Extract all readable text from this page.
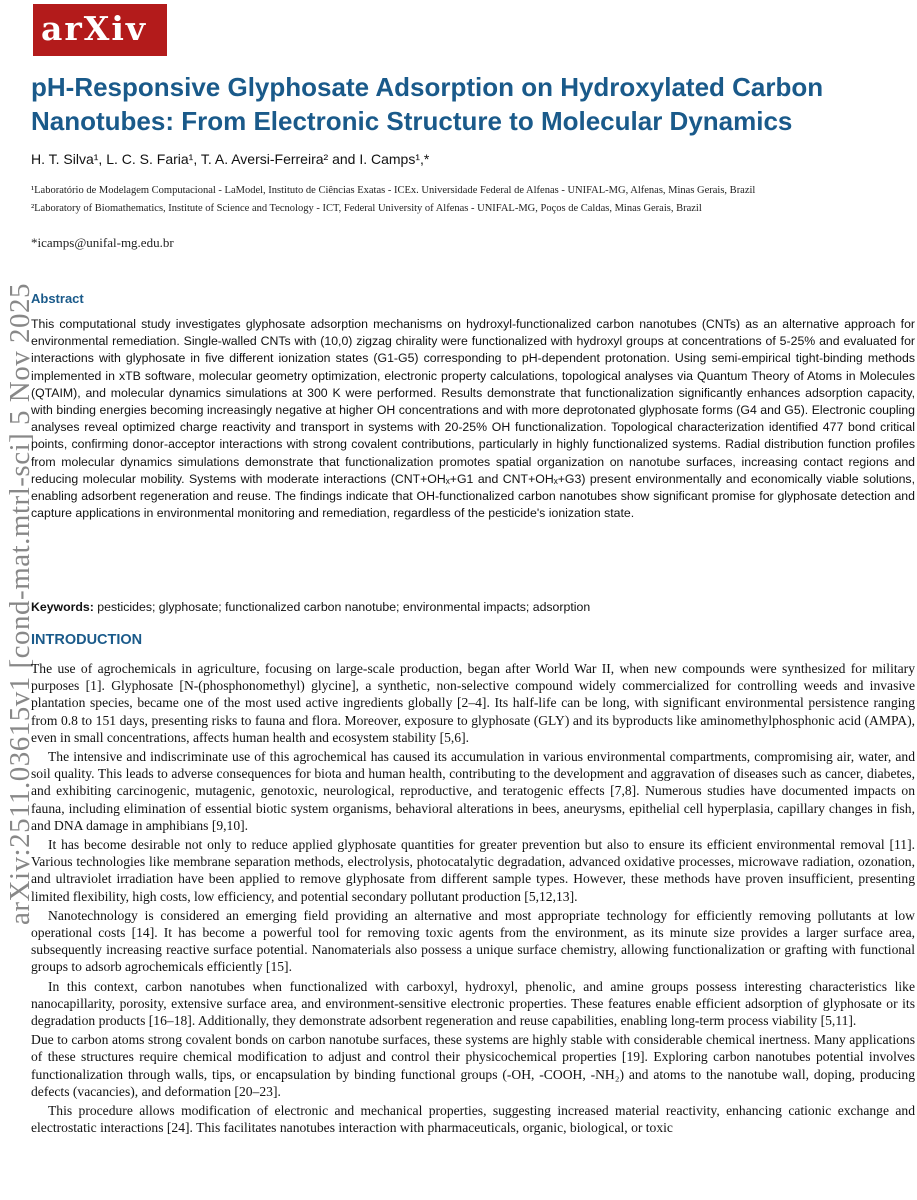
arXiv
arXiv:2511.03615v1 [cond-mat.mtrl-sci] 5 Nov 2025
pH-Responsive Glyphosate Adsorption on Hydroxylated Carbon Nanotubes: From Electronic Structure to Molecular Dynamics
H. T. Silva¹, L. C. S. Faria¹, T. A. Aversi-Ferreira² and I. Camps¹,*
¹Laboratório de Modelagem Computacional - LaModel, Instituto de Ciências Exatas - ICEx. Universidade Federal de Alfenas - UNIFAL-MG, Alfenas, Minas Gerais, Brazil
²Laboratory of Biomathematics, Institute of Science and Tecnology - ICT, Federal University of Alfenas - UNIFAL-MG, Poços de Caldas, Minas Gerais, Brazil
*icamps@unifal-mg.edu.br
Abstract

This computational study investigates glyphosate adsorption mechanisms on hydroxyl-functionalized carbon nanotubes (CNTs) as an alternative approach for environmental remediation. Single-walled CNTs with (10,0) zigzag chirality were functionalized with hydroxyl groups at concentrations of 5-25% and evaluated for interactions with glyphosate in five different ionization states (G1-G5) corresponding to pH-dependent protonation. Using semi-empirical tight-binding methods implemented in xTB software, molecular geometry optimization, electronic property calculations, topological analyses via Quantum Theory of Atoms in Molecules (QTAIM), and molecular dynamics simulations at 300 K were performed. Results demonstrate that functionalization significantly enhances adsorption capacity, with binding energies becoming increasingly negative at higher OH concentrations and with more deprotonated glyphosate forms (G4 and G5). Electronic coupling analyses reveal optimized charge reactivity and transport in systems with 20-25% OH functionalization. Topological characterization identified 477 bond critical points, confirming donor-acceptor interactions with strong covalent contributions, particularly in highly functionalized systems. Radial distribution function profiles from molecular dynamics simulations demonstrate that functionalization promotes spatial organization on nanotube surfaces, increasing contact regions and reducing molecular mobility. Systems with moderate interactions (CNT+OHₓ+G1 and CNT+OHₓ+G3) present environmentally and economically viable solutions, enabling adsorbent regeneration and reuse. The findings indicate that OH-functionalized carbon nanotubes show significant promise for glyphosate detection and capture applications in environmental monitoring and remediation, regardless of the pesticide's ionization state.

Keywords: pesticides; glyphosate; functionalized carbon nanotube; environmental impacts; adsorption
INTRODUCTION

The use of agrochemicals in agriculture, focusing on large-scale production, began after World War II, when new compounds were synthesized for military purposes [1]. Glyphosate [N-(phosphonomethyl) glycine], a synthetic, non-selective compound widely commercialized for controlling weeds and invasive plantation species, became one of the most used active ingredients globally [2–4]. Its half-life can be long, with significant environmental persistence ranging from 0.8 to 151 days, presenting risks to fauna and flora. Moreover, exposure to glyphosate (GLY) and its byproducts like aminomethylphosphonic acid (AMPA), even in small concentrations, affects human health and ecosystem stability [5,6].

The intensive and indiscriminate use of this agrochemical has caused its accumulation in various environmental compartments, compromising air, water, and soil quality. This leads to adverse consequences for biota and human health, contributing to the development and aggravation of diseases such as cancer, diabetes, and exhibiting carcinogenic, mutagenic, genotoxic, neurological, reproductive, and teratogenic effects [7,8]. Numerous studies have documented impacts on fauna, including elimination of essential biotic system organisms, behavioral alterations in bees, aneurysms, epithelial cell hyperplasia, capillary changes in fish, and DNA damage in amphibians [9,10].

It has become desirable not only to reduce applied glyphosate quantities for greater prevention but also to ensure its efficient environmental removal [11]. Various technologies like membrane separation methods, electrolysis, photocatalytic degradation, advanced oxidative processes, microwave radiation, ozonation, and ultraviolet irradiation have been applied to remove glyphosate from different sample types. However, these methods have proven insufficient, presenting limited flexibility, high costs, low efficiency, and potential secondary pollutant production [5,12,13].

Nanotechnology is considered an emerging field providing an alternative and most appropriate technology for efficiently removing pollutants at low operational costs [14]. It has become a powerful tool for removing toxic agents from the environment, as its minute size provides a larger surface area, subsequently increasing reactive surface potential. Nanomaterials also possess a unique surface chemistry, allowing functionalization or grafting with functional groups to adsorb agrochemicals efficiently [15].

In this context, carbon nanotubes when functionalized with carboxyl, hydroxyl, phenolic, and amine groups possess interesting characteristics like nanocapillarity, porosity, extensive surface area, and environment-sensitive electronic properties. These features enable efficient adsorption of glyphosate or its degradation products [16–18]. Additionally, they demonstrate adsorbent regeneration and reuse capabilities, enabling long-term process viability [5,11].

Due to carbon atoms strong covalent bonds on carbon nanotube surfaces, these systems are highly stable with considerable chemical inertness. Many applications of these structures require chemical modification to adjust and control their physicochemical properties [19]. Exploring carbon nanotubes potential involves functionalization through walls, tips, or encapsulation by binding functional groups (-OH, -COOH, -NH₂) and atoms to the nanotube wall, doping, producing defects (vacancies), and deformation [20–23].

This procedure allows modification of electronic and mechanical properties, suggesting increased material reactivity, enhancing cationic exchange and electrostatic interactions [24]. This facilitates nanotubes interaction with pharmaceuticals, organic, biological, or toxic
